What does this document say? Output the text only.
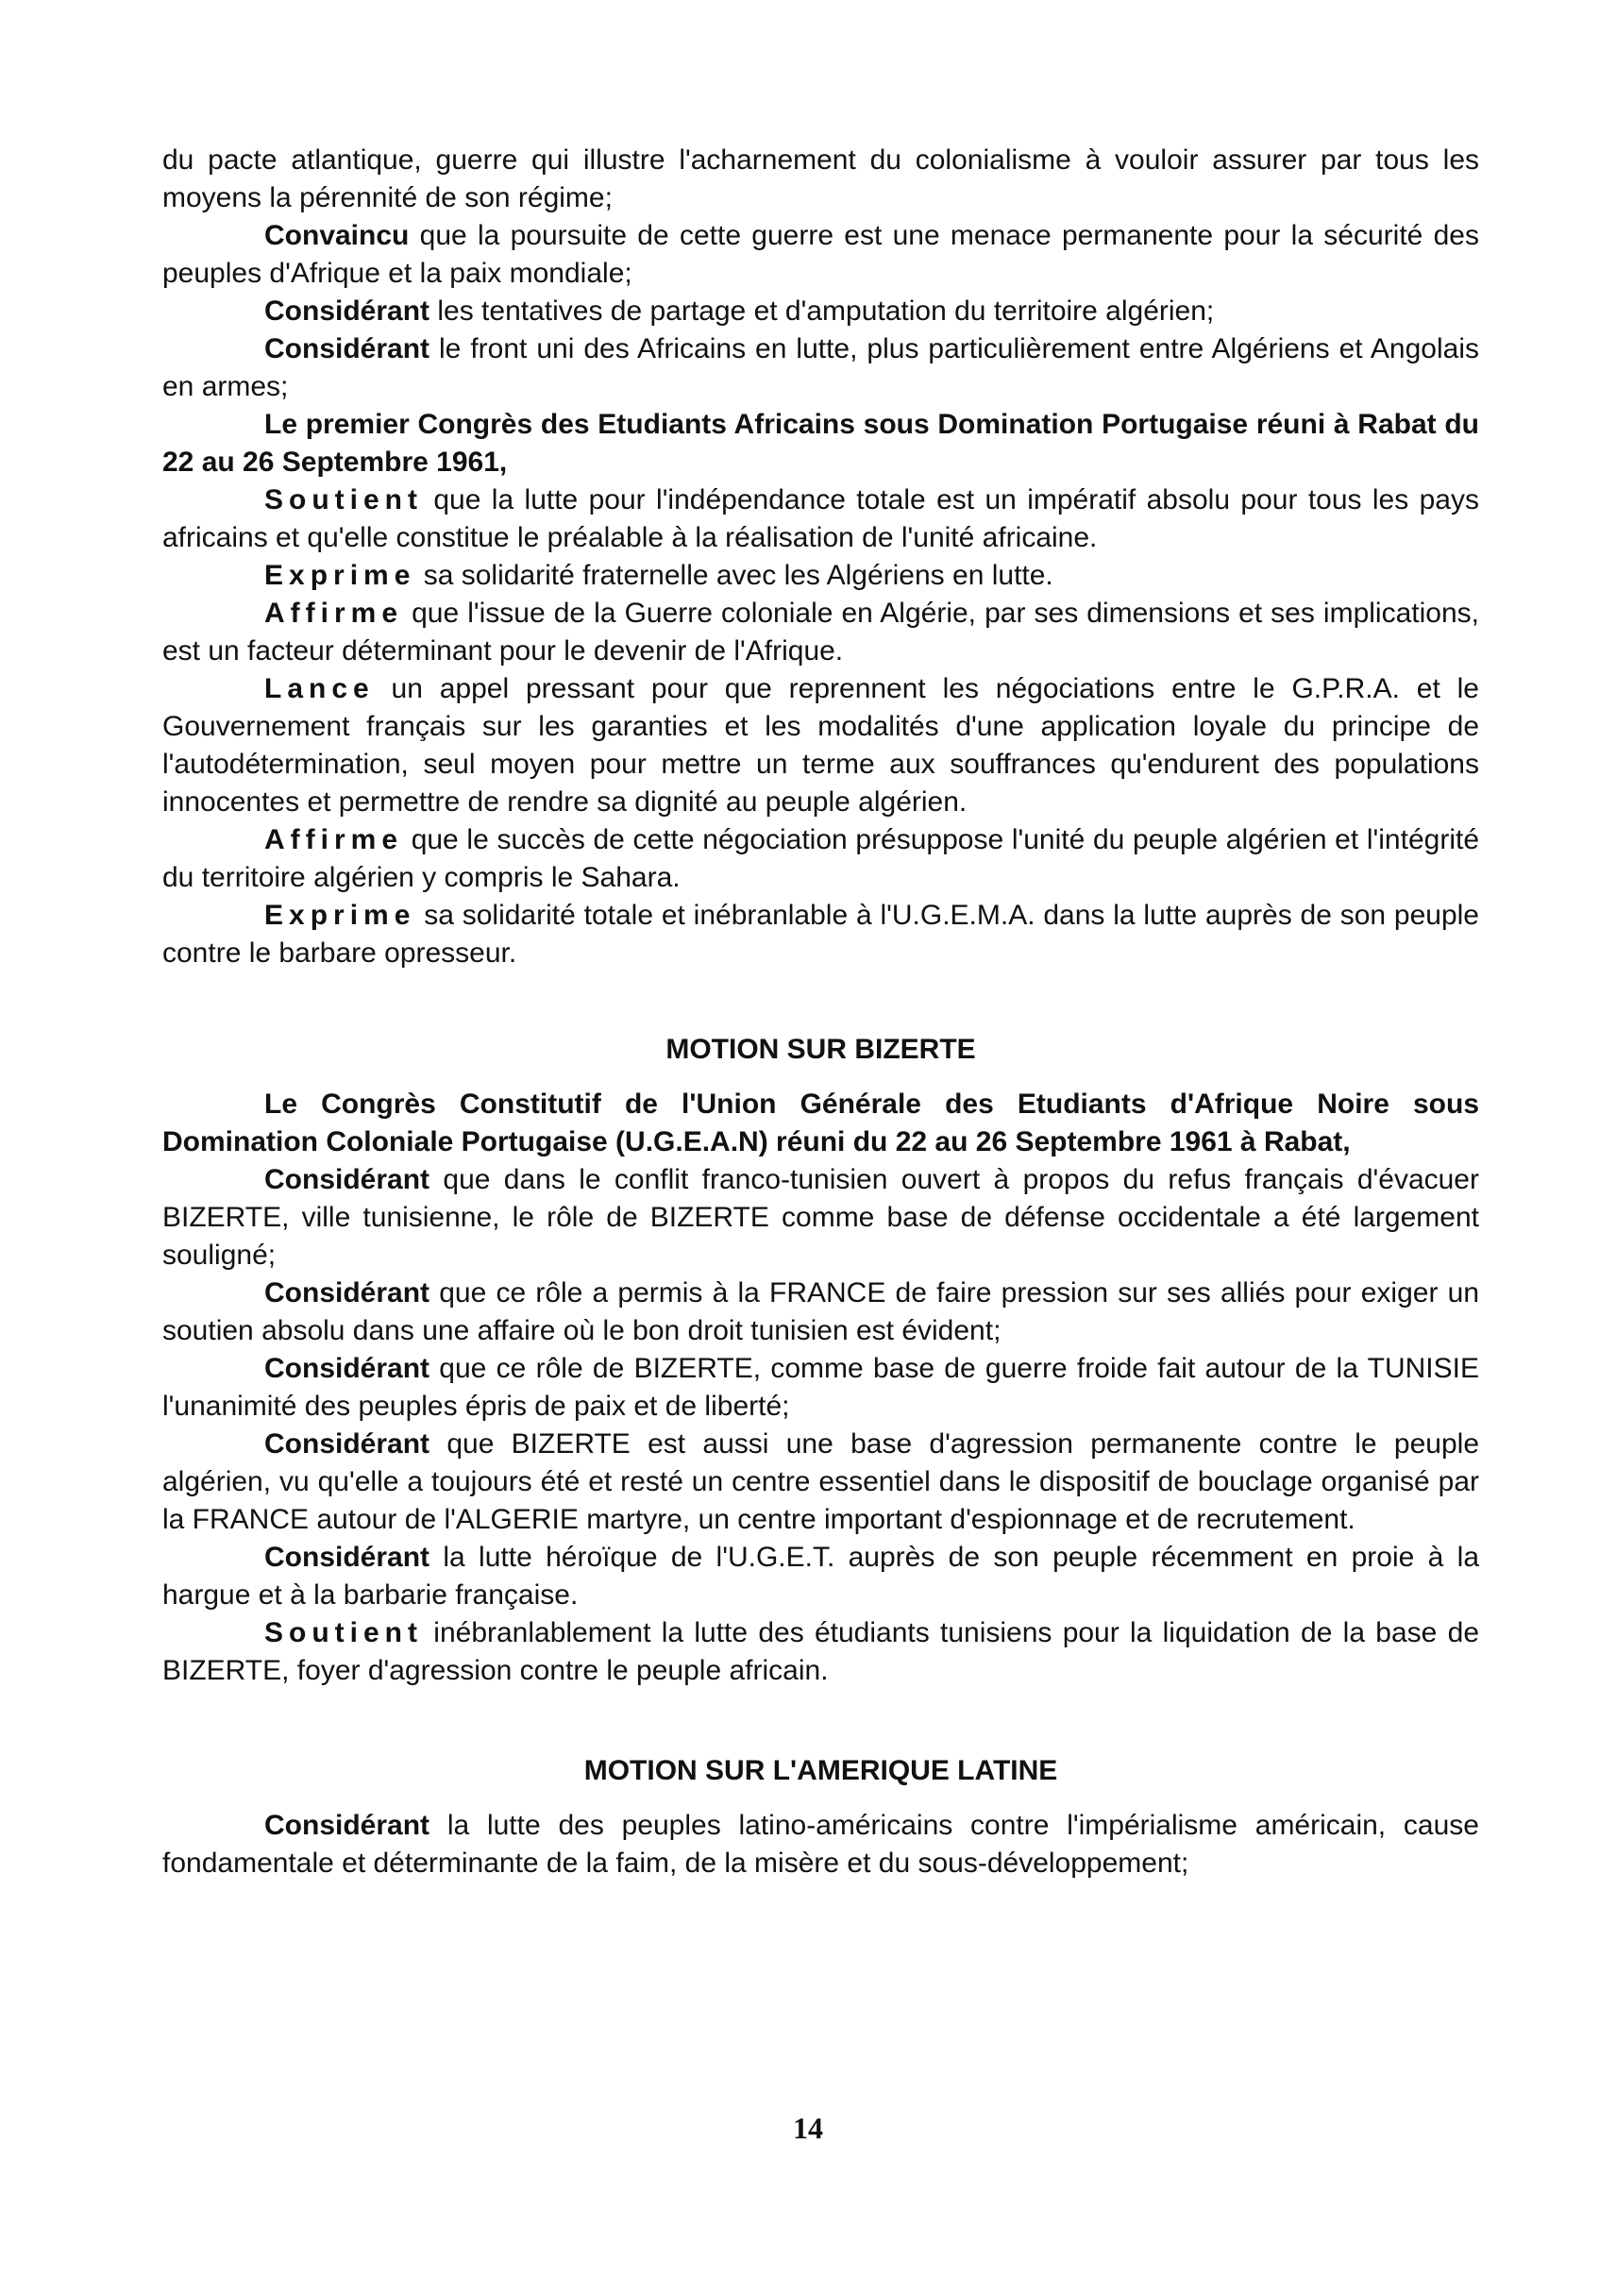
du pacte atlantique, guerre qui illustre l'acharnement du colonialisme à vouloir assurer par tous les moyens la pérennité de son régime;

Convaincu que la poursuite de cette guerre est une menace permanente pour la sécurité des peuples d'Afrique et la paix mondiale;

Considérant les tentatives de partage et d'amputation du territoire algérien;

Considérant le front uni des Africains en lutte, plus particulièrement entre Algériens et Angolais en armes;

Le premier Congrès des Etudiants Africains sous Domination Portugaise réuni à Rabat du 22 au 26 Septembre 1961,

Soutient que la lutte pour l'indépendance totale est un impératif absolu pour tous les pays africains et qu'elle constitue le préalable à la réalisation de l'unité africaine.

Exprime sa solidarité fraternelle avec les Algériens en lutte.

Affirme que l'issue de la Guerre coloniale en Algérie, par ses dimensions et ses implications, est un facteur déterminant pour le devenir de l'Afrique.

Lance un appel pressant pour que reprennent les négociations entre le G.P.R.A. et le Gouvernement français sur les garanties et les modalités d'une application loyale du principe de l'autodétermination, seul moyen pour mettre un terme aux souffrances qu'endurent des populations innocentes et permettre de rendre sa dignité au peuple algérien.

Affirme que le succès de cette négociation présuppose l'unité du peuple algérien et l'intégrité du territoire algérien y compris le Sahara.

Exprime sa solidarité totale et inébranlable à l'U.G.E.M.A. dans la lutte auprès de son peuple contre le barbare opresseur.

MOTION SUR BIZERTE

Le Congrès Constitutif de l'Union Générale des Etudiants d'Afrique Noire sous Domination Coloniale Portugaise (U.G.E.A.N) réuni du 22 au 26 Septembre 1961 à Rabat,

Considérant que dans le conflit franco-tunisien ouvert à propos du refus français d'évacuer BIZERTE, ville tunisienne, le rôle de BIZERTE comme base de défense occidentale a été largement souligné;

Considérant que ce rôle a permis à la FRANCE de faire pression sur ses alliés pour exiger un soutien absolu dans une affaire où le bon droit tunisien est évident;

Considérant que ce rôle de BIZERTE, comme base de guerre froide fait autour de la TUNISIE l'unanimité des peuples épris de paix et de liberté;

Considérant que BIZERTE est aussi une base d'agression permanente contre le peuple algérien, vu qu'elle a toujours été et resté un centre essentiel dans le dispositif de bouclage organisé par la FRANCE autour de l'ALGERIE martyre, un centre important d'espionnage et de recrutement.

Considérant la lutte héroïque de l'U.G.E.T. auprès de son peuple récemment en proie à la hargue et à la barbarie française.

Soutient inébranlablement la lutte des étudiants tunisiens pour la liquidation de la base de BIZERTE, foyer d'agression contre le peuple africain.

MOTION SUR L'AMERIQUE LATINE

Considérant la lutte des peuples latino-américains contre l'impérialisme américain, cause fondamentale et déterminante de la faim, de la misère et du sous-développement;

14
